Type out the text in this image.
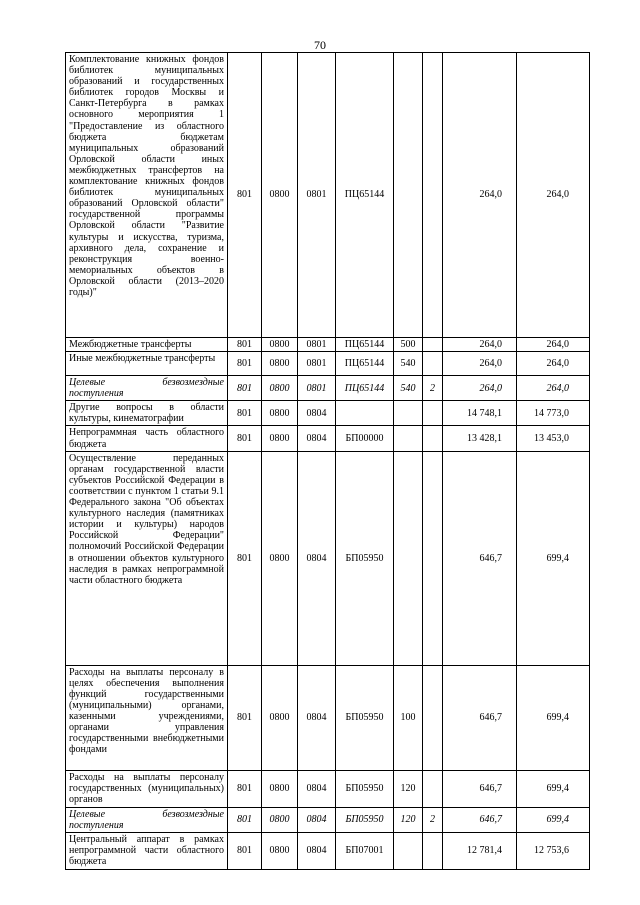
70
Комплектование книжных фондов библиотек муниципальных образований и государственных библиотек городов Москвы и Санкт-Петербурга в рамках основного мероприятия 1 "Предоставление из областного бюджета бюджетам муниципальных образований Орловской области иных межбюджетных трансфертов на комплектование книжных фондов библиотек муниципальных образований Орловской области" государственной программы Орловской области "Развитие культуры и искусства, туризма, архивного дела, сохранение и реконструкция военно-мемориальных объектов в Орловской области (2013–2020 годы)"	801	0800	0801	ПЦ65144			264,0	264,0
Межбюджетные трансферты	801	0800	0801	ПЦ65144	500		264,0	264,0
Иные межбюджетные трансферты	801	0800	0801	ПЦ65144	540		264,0	264,0
Целевые безвозмездные поступления	801	0800	0801	ПЦ65144	540	2	264,0	264,0
Другие вопросы в области культуры, кинематографии	801	0800	0804				14 748,1	14 773,0
Непрограммная часть областного бюджета	801	0800	0804	БП00000			13 428,1	13 453,0
Осуществление переданных органам государственной власти субъектов Российской Федерации в соответствии с пунктом 1 статьи 9.1 Федерального закона "Об объектах культурного наследия (памятниках истории и культуры) народов Российской Федерации" полномочий Российской Федерации в отношении объектов культурного наследия в рамках непрограммной части областного бюджета	801	0800	0804	БП05950			646,7	699,4
Расходы на выплаты персоналу в целях обеспечения выполнения функций государственными (муниципальными) органами, казенными учреждениями, органами управления государственными внебюджетными фондами	801	0800	0804	БП05950	100		646,7	699,4
Расходы на выплаты персоналу государственных (муниципальных) органов	801	0800	0804	БП05950	120		646,7	699,4
Целевые безвозмездные поступления	801	0800	0804	БП05950	120	2	646,7	699,4
Центральный аппарат в рамках непрограммной части областного бюджета	801	0800	0804	БП07001			12 781,4	12 753,6
